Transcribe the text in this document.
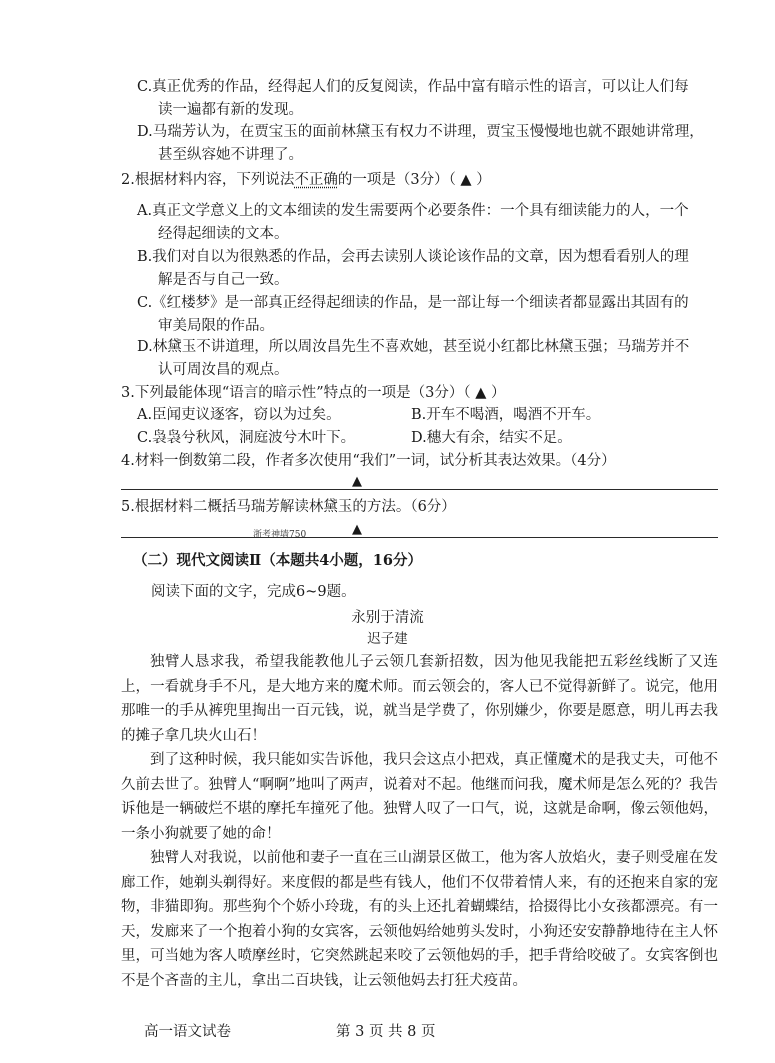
C.真正优秀的作品，经得起人们的反复阅读，作品中富有暗示性的语言，可以让人们每
读一遍都有新的发现。
D.马瑞芳认为，在贾宝玉的面前林黛玉有权力不讲理，贾宝玉慢慢地也就不跟她讲常理，
甚至纵容她不讲理了。
2.根据材料内容，下列说法不正确的一项是（3分）（ ▲ ）
A.真正文学意义上的文本细读的发生需要两个必要条件：一个具有细读能力的人，一个
经得起细读的文本。
B.我们对自以为很熟悉的作品，会再去读别人谈论该作品的文章，因为想看看别人的理
解是否与自己一致。
C.《红楼梦》是一部真正经得起细读的作品，是一部让每一个细读者都显露出其固有的
审美局限的作品。
D.林黛玉不讲道理，所以周汝昌先生不喜欢她，甚至说小红都比林黛玉强；马瑞芳并不
认可周汝昌的观点。
3.下列最能体现“语言的暗示性”特点的一项是（3分）（ ▲ ）
A.臣闻吏议逐客，窃以为过矣。	B.开车不喝酒，喝酒不开车。
C.袅袅兮秋风，洞庭波兮木叶下。	D.穗大有余，结实不足。
4.材料一倒数第二段，作者多次使用“我们”一词，试分析其表达效果。（4分）
▲
5.根据材料二概括马瑞芳解读林黛玉的方法。（6分）
浙考神墙750	▲
（二）现代文阅读Ⅱ（本题共4小题，16分）
阅读下面的文字，完成6~9题。
永别于清流
迟子建

独臂人恳求我，希望我能教他儿子云领几套新招数，因为他见我能把五彩丝线断了又连上，一看就身手不凡，是大地方来的魔术师。而云领会的，客人已不觉得新鲜了。说完，他用那唯一的手从裤兜里掏出一百元钱，说，就当是学费了，你别嫌少，你要是愿意，明儿再去我的摊子拿几块火山石！

到了这种时候，我只能如实告诉他，我只会这点小把戏，真正懂魔术的是我丈夫，可他不久前去世了。独臂人“啊啊”地叫了两声，说着对不起。他继而问我，魔术师是怎么死的？我告诉他是一辆破烂不堪的摩托车撞死了他。独臂人叹了一口气，说，这就是命啊，像云领他妈，一条小狗就要了她的命！

独臂人对我说，以前他和妻子一直在三山湖景区做工，他为客人放焰火，妻子则受雇在发廊工作，她剃头剃得好。来度假的都是些有钱人，他们不仅带着情人来，有的还抱来自家的宠物，非猫即狗。那些狗个个娇小玲珑，有的头上还扎着蝴蝶结，拾掇得比小女孩都漂亮。有一天，发廊来了一个抱着小狗的女宾客，云领他妈给她剪头发时，小狗还安安静静地待在主人怀里，可当她为客人喷摩丝时，它突然跳起来咬了云领他妈的手，把手背给咬破了。女宾客倒也不是个吝啬的主儿，拿出二百块钱，让云领他妈去打狂犬疫苗。

高一语文试卷	第 3 页 共 8 页
